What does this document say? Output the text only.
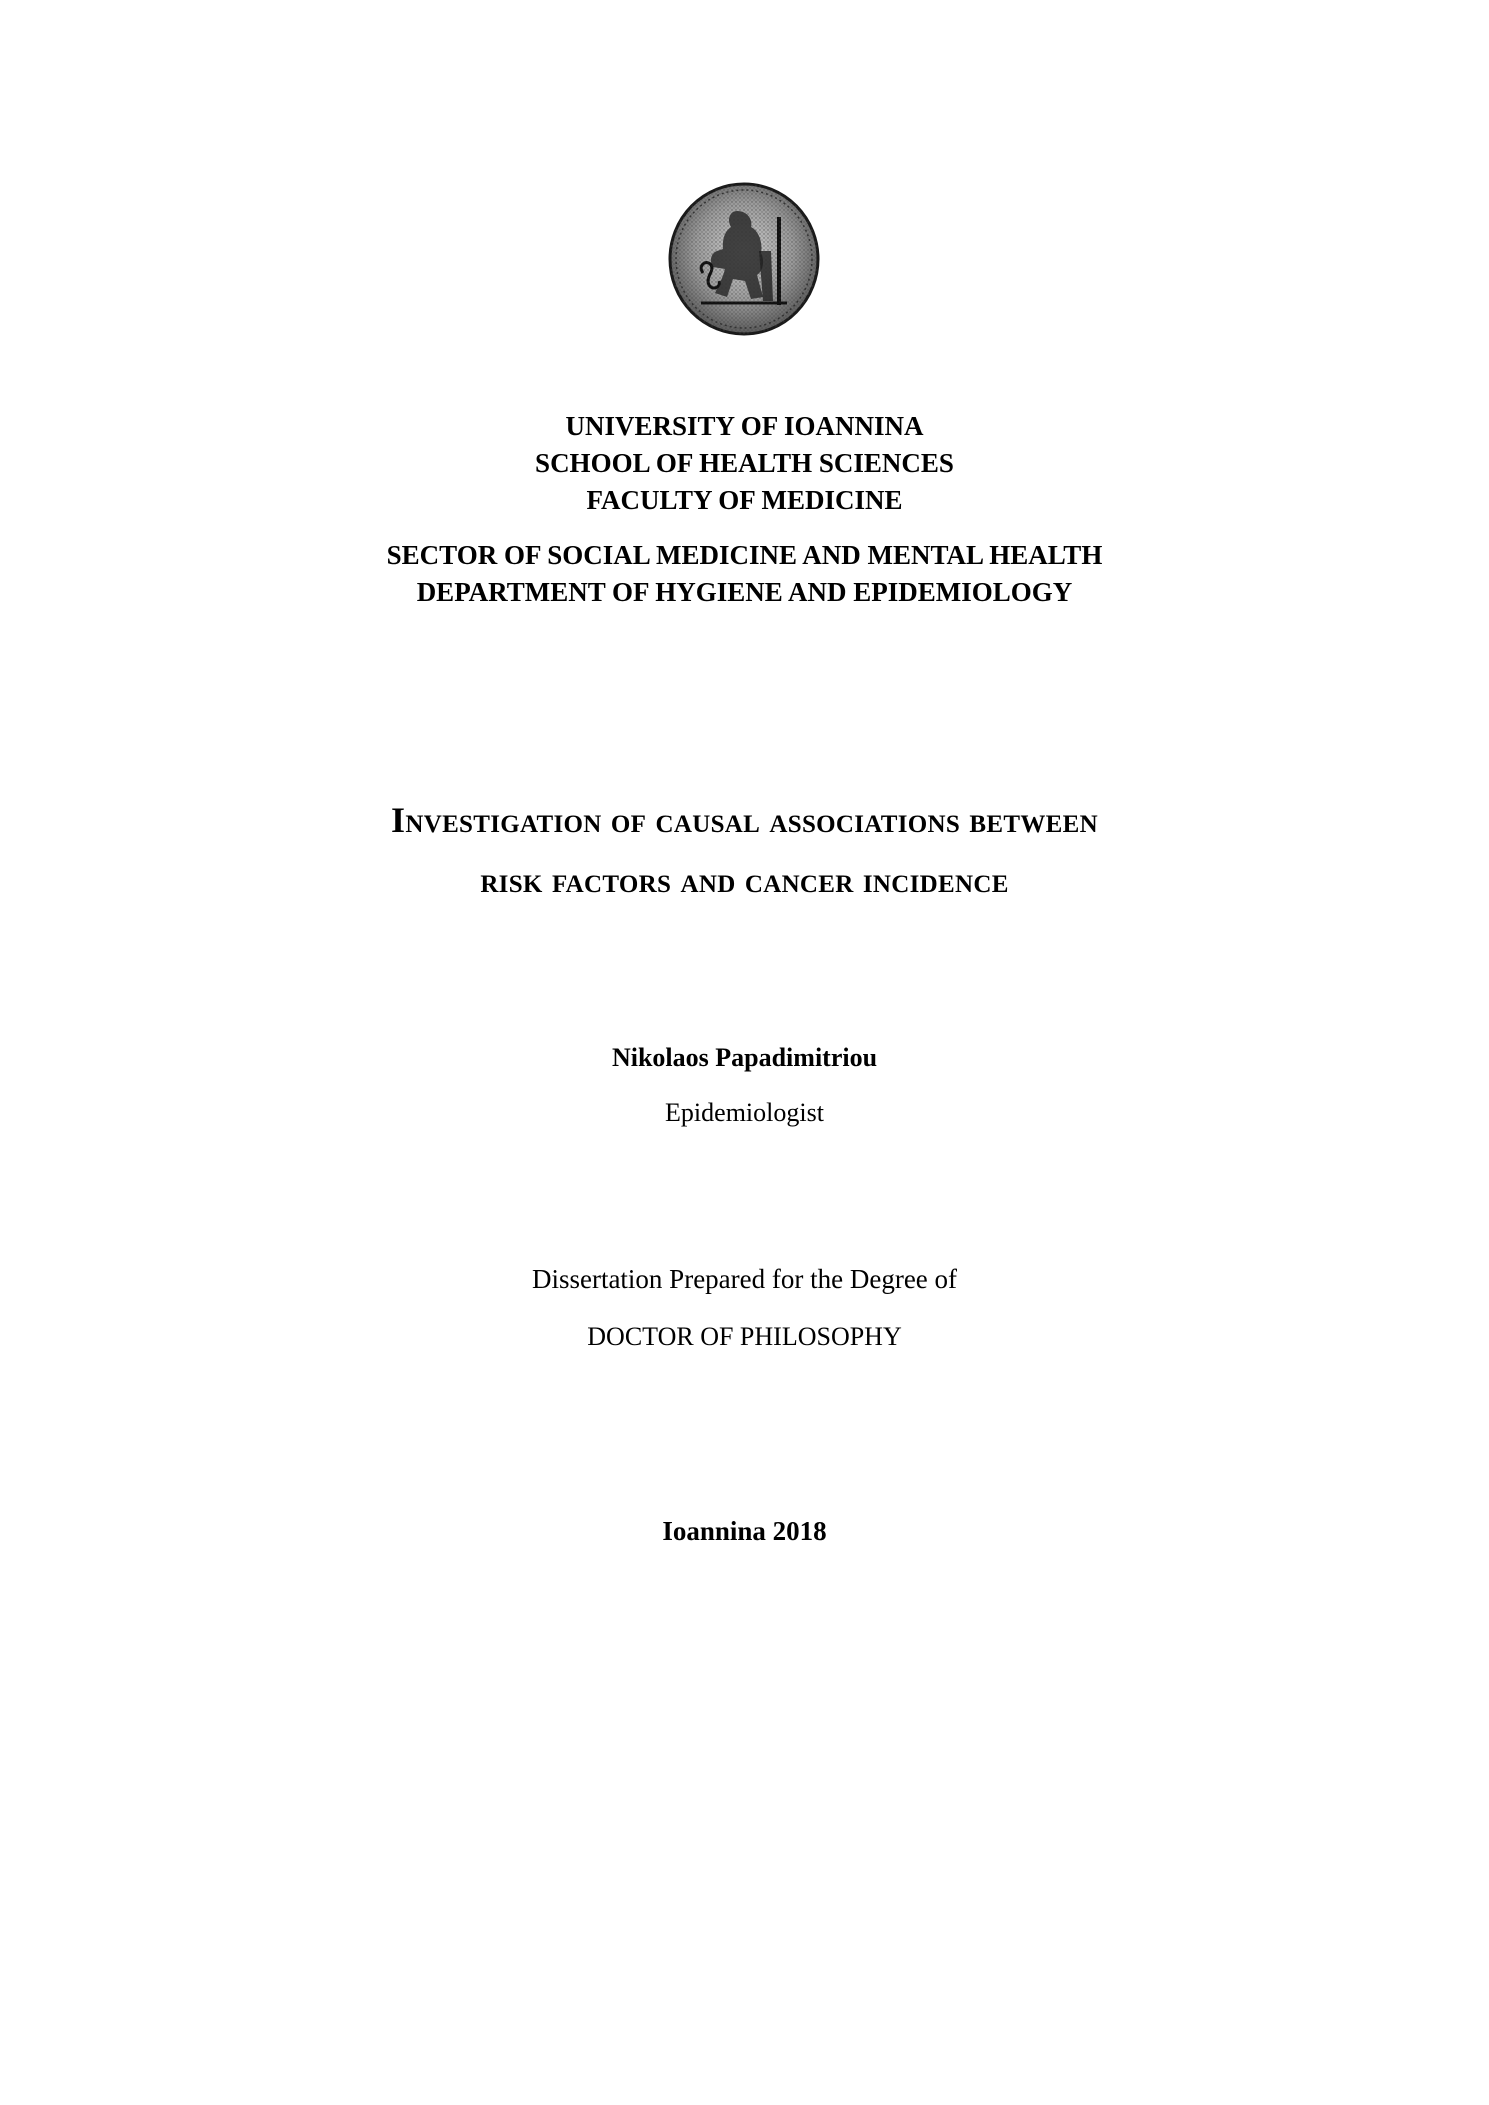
UNIVERSITY OF IOANNINA
SCHOOL OF HEALTH SCIENCES
FACULTY OF MEDICINE
SECTOR OF SOCIAL MEDICINE AND MENTAL HEALTH
DEPARTMENT OF HYGIENE AND EPIDEMIOLOGY
Investigation of causal associations between
risk factors and cancer incidence
Nikolaos Papadimitriou
Epidemiologist
Dissertation Prepared for the Degree of
DOCTOR OF PHILOSOPHY
Ioannina 2018
